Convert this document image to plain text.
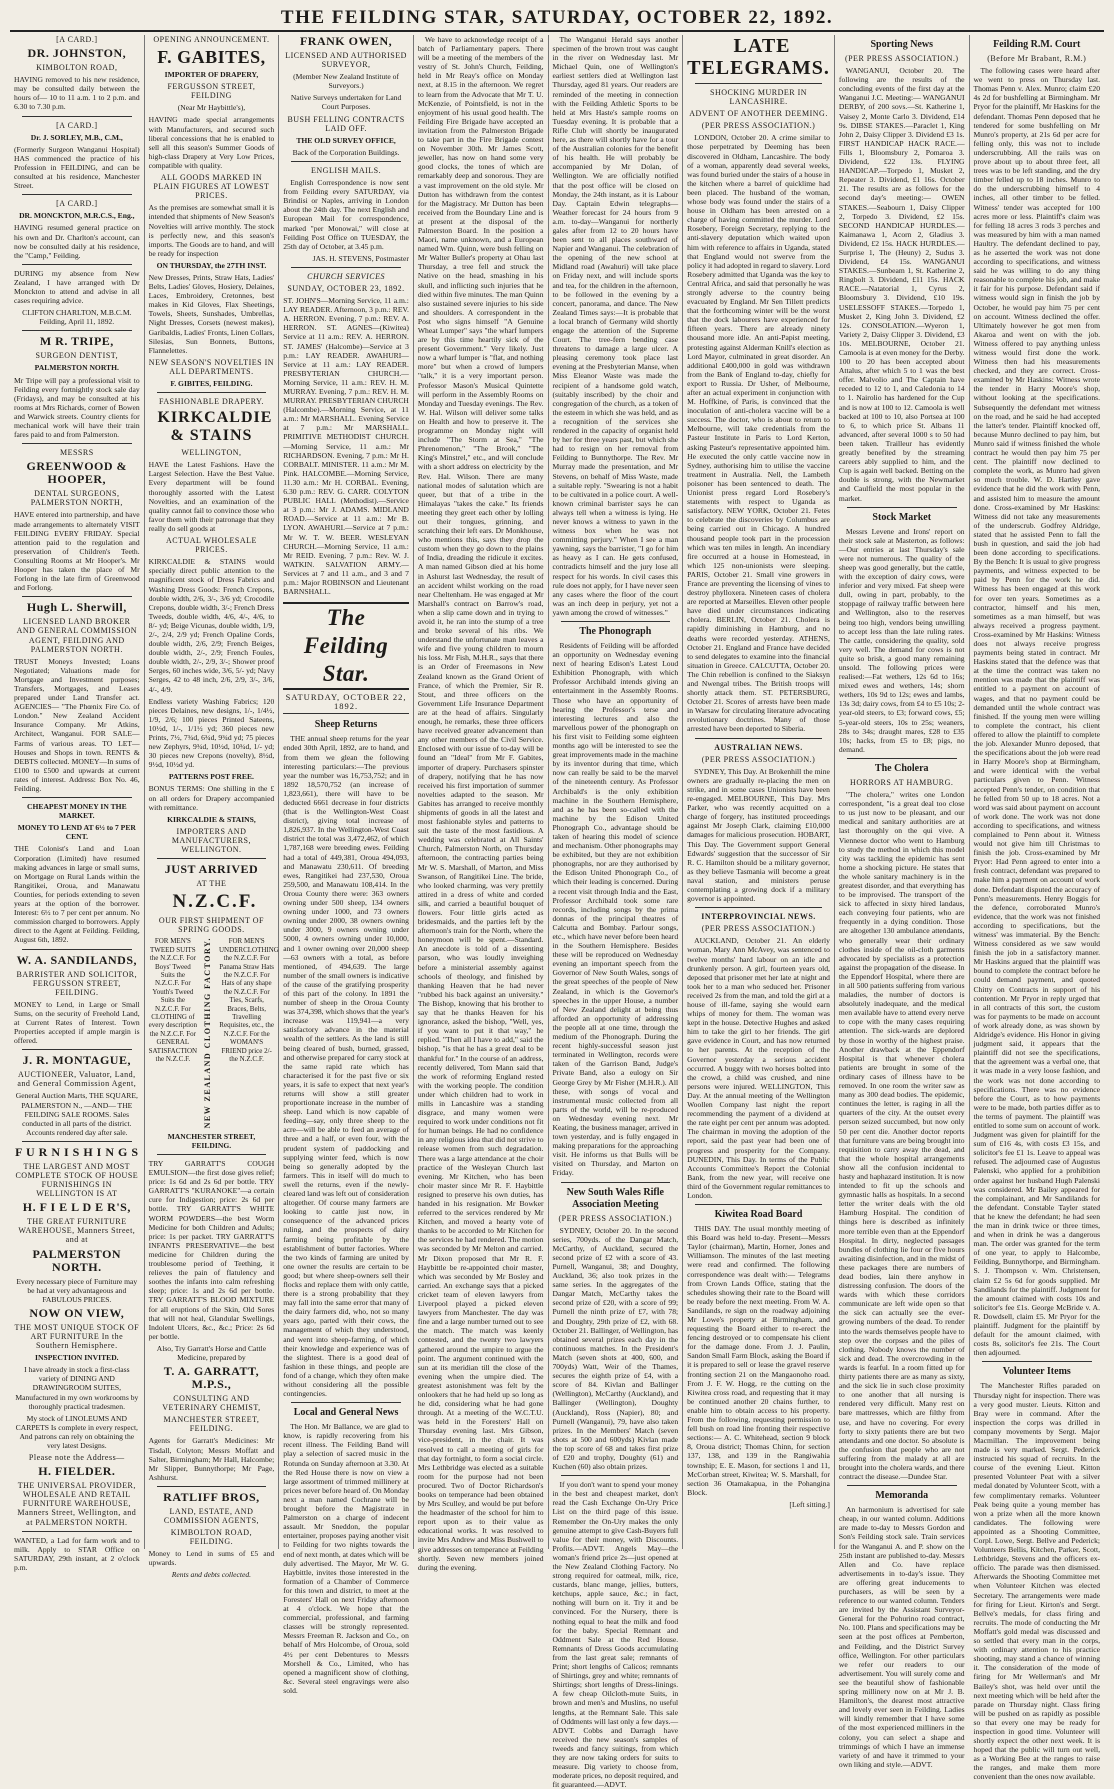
THE FEILDING STAR, SATURDAY, OCTOBER 22, 1892.

[A CARD.]

DR. JOHNSTON,

KIMBOLTON ROAD,

HAVING removed to his new residence, may be consulted daily between the hours of— 10 to 11 a.m. 1 to 2 p.m. and 6.30 to 7.30 p.m.

[A CARD.]

Dr. J. SORLEY, M.B., C.M.,

(Formerly Surgeon Wanganui Hospital) HAS commenced the practice of his Profession in FEILDING, and can be consulted at his residence, Manchester Street.

[A CARD.]

DR. MONCKTON, M.R.C.S., Eng.,

HAVING resumed general practice on his own and Dr. Charlton's account, can now be consulted daily at his residence, the "Camp," Feilding.

DURING my absence from New Zealand, I have arranged with Dr Monckton to attend and advise in all cases requiring advice.

CLIFTON CHARLTON, M.B.C.M. Feilding, April 11, 1892.

M R. TRIPE,

SURGEON DENTIST,

PALMERSTON NORTH.

Mr Tripe will pay a professional visit to Feilding every fortnightly stock sale day (Fridays), and may be consulted at his rooms at Mrs Richards, corner of Bowen and Warwick streets. Country clients for mechanical work will have their train fares paid to and from Palmerston.

MESSRS

GREENWOOD & HOOPER,

DENTAL SURGEONS, PALMERSTON NORTH,

HAVE entered into partnership, and have made arrangements to alternately VISIT FEILDING EVERY FRIDAY. Special attention paid to the regulation and preservation of Children's Teeth. Consulting Rooms at Mr Hooper's. Mr Hooper has taken the place of Mr Forlong in the late firm of Greenwood and Forlong.

Hugh L. Sherwill,

LICENSED LAND BROKER AND GENERAL COMMISSION AGENT, FEILDING AND PALMERSTON NORTH.

TRUST Moneys Invested; Loans Negotiated; Valuations made for Mortgage and Investment purposes; Transfers, Mortgages, and Leases prepared under Land Transfer act. AGENCIES— "The Phœnix Fire Co. of London." New Zealand Accident Insurance Company. Mr Atkins, Architect, Wanganui. FOR SALE—Farms of various areas. TO LET—Houses and Shops in town. RENTS & DEBTS collected. MONEY—In sums of £100 to £500 and upwards at current rates of interest. Address: Box No. 46, Feilding.

CHEAPEST MONEY IN THE MARKET.

MONEY TO LEND AT 6½ to 7 PER CENT.

THE Colonist's Land and Loan Corporation (Limited) have resumed making advances in large or small sums, on Mortgage on Rural Lands within the Rangitikei, Oroua, and Manawatu Counties, for periods extending to seven years at the option of the borrower. Interest: 6½ to 7 per cent per annum. No commission charged to borrowers. Apply direct to the Agent at Feilding. Feilding, August 6th, 1892.

W. A. SANDILANDS,

BARRISTER AND SOLICITOR, FERGUSSON STREET, FEILDING.

MONEY to Lend, in Large or Small Sums, on the security of Freehold Land, at Current Rates of Interest. Town Properties accepted if ample margin is offered.

J. R. MONTAGUE,

AUCTIONEER, Valuator, Land, and General Commission Agent,

General Auction Marts, THE SQUARE, PALMERSTON N., —AND— THE FEILDING SALE ROOMS. Sales conducted in all parts of the district. Accounts rendered day after sale.

F U R N I S H I N G S

THE LARGEST AND MOST COMPLETE STOCK OF HOUSE FURNISHINGS IN WELLINGTON IS AT

H. F I E L D E R'S,

THE GREAT FURNITURE WAREHOUSE, Manners Street, and at

PALMERSTON NORTH.

Every necessary piece of Furniture may be had at very advantageous and FABULOUS PRICES.

NOW ON VIEW,

THE MOST UNIQUE STOCK OF ART FURNITURE In the Southern Hemisphere.

INSPECTION INVITED.

I have already in stock a first-class variety of DINING AND DRAWINGROOM SUITES, Manufactured in my own workrooms by thoroughly practical tradesmen.

My stock of LINOLEUMS AND CARPETS Is complete in every respect, And patrons can rely on obtaining the very latest Designs.

Please note the Address—

H. FIELDER.

THE UNIVERSAL PROVIDER, WHOLESALE AND RETAIL FURNITURE WAREHOUSE, Manners Street, Wellington, and at PALMERSTON NORTH.

WANTED, a Lad for farm work and to milk. Apply to STAR Office on SATURDAY, 29th instant, at 2 o'clock p.m.

OPENING ANNOUNCEMENT.

F. GABITES,

IMPORTER OF DRAPERY,

FERGUSSON STREET, FEILDING

(Near Mr Haybittle's),

HAVING made special arrangements with Manufacturers, and secured such liberal concessions that he is enabled to sell all this season's Summer Goods of high-class Drapery at Very Low Prices, compatible with quality.

ALL GOODS MARKED IN PLAIN FIGURES AT LOWEST PRICES.

As the premises are somewhat small it is intended that shipments of New Season's Novelties will arrive monthly. The stock is perfectly new, and this season's imports. The Goods are to hand, and will be ready for inspection

ON THURSDAY, the 27TH INST.

New Dresses, Prints, Straw Hats, Ladies' Belts, Ladies' Gloves, Hosiery, Delaines, Laces, Embroidery, Cretonnes, best makes in Kid Gloves, Flax Sheetings, Towels, Sheets, Sunshades, Umbrellas, Night Dresses, Corsets (newest makes), Garibaldis, Ladies' Fronts, Linen Collars, Silesias, Sun Bonnets, Buttons, Flannelettes.

NEW SEASON'S NOVELTIES IN ALL DEPARTMENTS.

F. GIBITES, FEILDING.

FASHIONABLE DRAPERY.

KIRKCALDIE & STAINS

WELLINGTON,

HAVE the Latest Fashions. Have the Largest Selection. Have the Best Value. Every department will be found thoroughly assorted with the Latest Novelties, and an examination of the quality cannot fail to convince those who favor them with their patronage that they really do sell goods at

ACTUAL WHOLESALE PRICES.

KIRKCALDIE & STAINS would specially direct public attention to the magnificent stock of Dress Fabrics and Washing Dress Goods: French Crepons, double width, 2/6, 3/-, 3/6 yd; Crocodile Crepons, double width, 3/-; French Dress Tweeds, double width, 4/6, 4/-, 4/6, to 8/- yd; Beige Vicunas, double width, 1/9, 2/-, 2/4, 2/9 yd; French Opaline Cords, double width, 2/6, 2/9; French Beiges, double width, 2/-, 2/9; French Foules, double width, 2/-, 2/9, 3/-; Shower proof Serges, 60 inches wide, 3/6, 5/- yd; Navy Serges, 42 to 48 inch, 2/6, 2/9, 3/-, 3/6, 4/-, 4/9.

Endless variety Washing Fabrics; 120 pieces Delaines, new designs, 1/-, 1/4½, 1/9, 2/6; 100 pieces Printed Sateens, 10½d, 1/-, 1/1½ yd; 360 pieces new Prints, 7½, 7¾d, 6¾d, 9¾d yd; 75 pieces new Zephyrs, 9¾d, 10½d, 10¾d, 1/- yd; 30 pieces new Crepons (novelty), 8½d, 9½d, 10½d yd.

PATTERNS POST FREE.

BONUS TERMS: One shilling in the £ on all orders for Drapery accompanied with remittance.

KIRKCALDIE & STAINS,

IMPORTERS AND MANUFACTURERS, WELLINGTON.

JUST ARRIVED

AT THE

N.Z.C.F.

OUR FIRST SHIPMENT OF SPRING GOODS.

FOR MEN'S TWEED SUITS the N.Z.C.F. For Boys' Tweed Suits the N.Z.C.F. For Youth's Tweed Suits the N.Z.C.F. For CLOTHING of every description the N.Z.C.F. For GENERAL SATISFACTION the N.Z.C.F.	NEW ZEALAND CLOTHING FACTORY.	FOR MEN'S UNDERCLOTHING the N.Z.C.F. For Panama Straw Hats the N.Z.C.F. For Hats of any shape the N.Z.C.F. For Ties, Scarfs, Braces, Belts, Travelling Requisites, etc., the N.Z.C.F. For the WOMAN'S FRIEND price 2/- the N.Z.C.F.

MANCHESTER STREET, FEILDING.

TRY GARRATT'S COUGH EMULSION—the first dose gives relief; price: 1s 6d and 2s 6d per bottle. TRY GARRATT'S "KURANOKE"—a certain cure for Indigestion; price: 2s 6d per bottle. TRY GARRATT'S WHITE WORM POWDERS—the best Worm Medicine for both Children and Adults; price: 1s per packet. TRY GARRATT'S INFANTS PRESERVATIVE—the best medicine for Children during the troublesome period of Teething, it relieves the pain of flatulency and soothes the infants into calm refreshing sleep; price: 1s and 2s 6d per bottle. TRY GARRATT'S BLOOD MIXTURE for all eruptions of the Skin, Old Sores that will not heal, Glandular Swellings, Indolent Ulcers, &c., &c.; Price: 2s 6d per bottle.

Also, Try Garratt's Horse and Cattle Medicine, prepared by

T. A. GARRATT, M.P.S.,

CONSULTING AND VETERINARY CHEMIST,

MANCHESTER STREET, FEILDING.

Agents for Garratt's Medicines: Mr Tisdall, Colyton; Messrs Moffatt and Salter, Birmingham; Mr Hall, Halcombe; Mr Slipper, Bunnythorpe; Mr Page, Ashhurst.

RATLIFF BROS,

LAND, ESTATE, AND COMMISSION AGENTS,

KIMBOLTON ROAD, FEILDING.

Money to Lend in sums of £5 and upwards.

Rents and debts collected.

FRANK OWEN,

LICENSED AND AUTHORISED SURVEYOR,

(Member New Zealand Institute of Surveyors.)

Native Surveys undertaken for Land Court Purposes.

BUSH FELLING CONTRACTS LAID OFF.

THE OLD SURVEY OFFICE,

Back of the Corporation Buildings.

ENGLISH MAILS.

English Correspondence is now sent from Feilding every SATURDAY, via Brindisi or Naples, arriving in London about the 24th day. The next English and European Mail for correspondence, marked "per Monowai," will close at Feilding Post Office on TUESDAY, the 25th day of October, at 3.45 p.m.

JAS. H. STEVENS, Postmaster

CHURCH SERVICES

SUNDAY, OCTOBER 23, 1892.

ST. JOHN'S—Morning Service, 11 a.m.: LAY READER. Afternoon, 3 p.m.: REV. A. HERRON. Evening, 7 p.m.: REV. A. HERRON. ST. AGNES—(Kiwitea) Service at 11 a.m.: REV. A. HERRON. ST. JAMES' (Halcombe)—Service at 3 p.m.: LAY READER. AWAHURI—Service at 11 a.m.: LAY READER. PRESBYTERIAN CHURCH.—Morning Service, 11 a.m.: REV. H. M. MURRAY. Evening, 7 p.m.: REV. H. M. MURRAY. PRESBYTERIAN CHURCH (Halcombe).—Morning Service, at 11 a.m.: Mr MARSHALL. Evening Service at 7 p.m.: Mr MARSHALL. PRIMITIVE METHODIST CHURCH.—Morning Service, 11 a.m.: Mr RICHARDSON. Evening, 7 p.m.: Mr H. CORBALT. MINISTER. 11 a.m.: Mr M. Pink. HALCOMBE.—Morning Service, 11.30 a.m.: Mr H. CORBAL. Evening, 6.30 p.m.: REV. G. CARR. COLYTON PUBLIC HALL (Methodist).—Service at 3 p.m.: Mr J. ADAMS. MIDLAND ROAD.—Service at 11 a.m.: Mr B. LYON. AWAHURI.—Service at 7 p.m.: Mr W. T. W. BEER. WESLEYAN CHURCH.—Morning Service, 11 a.m.: Mr REID. Evening, 7 p.m.: Rev. W. J. WATKIN. SALVATION ARMY.—Services at 7 and 11 a.m., and 3 and 7 p.m.: Major ROBINSON and Lieutenant BARNSHALL.

The Feilding Star.
SATURDAY, OCTOBER 22, 1892.

Sheep Returns

THE annual sheep returns for the year ended 30th April, 1892, are to hand, and from them we glean the following interesting particulars:—The previous year the number was 16,753,752; and in 1892 18,570,752 (an increase of 1,823,661), there will have to be deducted 6661 decrease in four districts (that is the Wellington-West Coast district), giving total increase of 1,826,937. In the Wellington-West Coast district the total was 3,472,462, of which 1,787,168 were breeding ewes. Feilding had a total of 449,381, Oroua 494,093, and Manawatu 230,611. Of breeding ewes, Rangitikei had 237,530, Oroua 259,500, and Manawatu 108,414. In the Oroua County there were: 363 owners owning under 500 sheep, 134 owners owning under 1000, and 73 owners owning under 2000, 38 owners owning under 3000, 9 owners owning under 5000, 4 owners owning under 10,000, and 1 owner owning over 20,000 sheep—63 owners with a total, as before mentioned, of 494,639. The large number of the small owners is indicative of the cause of the gratifying prosperity of this part of the colony. In 1891 the number of sheep in the Oroua County was 374,398, which shows that the year's increase was 119,941—a very satisfactory advance in the material wealth of the settlers. As the land is still being cleared of bush, burned, grassed, and otherwise prepared for carry stock at the same rapid rate which has characterised it for the past five or six years, it is safe to expect that next year's returns will show a still greater proportionate increase in the number of sheep. Land which is now capable of feeding—say, only three sheep to the acre—will be able to feed an average of three and a half, or even four, with the prudent system of paddocking and supplying winter feed, which is now being so generally adopted by the farmers. This in itself will do much to swell the returns, even if the newly-cleared land was left out of consideration altogether. Of course many farmers are looking to cattle just now, in consequence of the advanced prices ruling, and the prospects of dairy farming being profitable by the establishment of butter factories. Where the two kinds of farming are united by one owner the results are certain to be good; but where sheep-owners sell their flocks and replace them with only cattle, there is a strong probability that they may fall into the same error that many of the dairy farmers did, who, not so many years ago, parted with their cows, the management of which they understood, and went into sheep-farming, of which their knowledge and experience was of the slightest. There is a good deal of fashion in these things, and people are fond of a change, which they often make without considering all the possible contingencies.

Local and General News

The Hon. Mr Ballance, we are glad to know, is rapidly recovering from his recent illness. The Feilding Band will play a selection of sacred music in the Rotunda on Sunday afternoon at 3.30. At the Red House there is now on view a large assortment of trimmed millinery at prices never before heard of. On Monday next a man named Cochrane will be brought before the Magistrate in Palmerston on a charge of indecent assault. Mr Sneddon, the popular entertainer, proposes paying another visit to Feilding for two nights towards the end of next month, at dates which will be duly advertised. The Mayor, Mr W. G. Haybittle, invites those interested in the formation of a Chamber of Commerce for this town and district, to meet at the Foresters' Hall on next Friday afternoon at 4 o'clock. We hope that the commercial, professional, and farming classes will be strongly represented. Messrs Freeman R. Jackson and Co., on behalf of Mrs Holcombe, of Oroua, sold 4½ per cent Debentures to Messrs Morshell & Co., Limited, who has opened a magnificent show of clothing, &c. Several steel engravings were also sold.

We have to acknowledge receipt of a batch of Parliamentary papers. There will be a meeting of the members of the vestry of St. John's Church, Feilding, held in Mr Reay's office on Monday next, at 8.15 in the afternoon. We regret to learn from the Advocate that Mr T. U. McKenzie, of Pointsfield, is not in the enjoyment of his usual good health. The Feilding Fire Brigade have accepted an invitation from the Palmerston Brigade to take part in the Fire Brigade contest on November 30th. Mr James Scott, jeweller, has now on hand some very good clocks, the tones of which are remarkably deep and sonorous. They are a vast improvement on the old style. Mr Dutton has withdrawn from the contest for the Magistracy. Mr Dutton has been received from the Boundary Line and is at present at the disposal of the Palmerston Board. In the position a Maori, name unknown, and a European named Wm. Quinn, were bush felling on Mr Walter Buller's property at Ohau last Thursday, a tree fell and struck the Native on the head, smashing in his skull, and inflicting such injuries that he died within five minutes. The man Quinn also sustained severe injuries to his side and shoulders. A correspondent in the Post who signs himself "A Genuine Wheat Lumper" says "the wharf lumpers are by this time heartily sick of the present Government." Very likely. Just now a wharf lumper is "flat, and nothing more" but when a crowd of lumpers "talk," it is a very important person. Professor Mason's Musical Quintette will perform in the Assembly Rooms on Monday and Tuesday evenings. The Rev. W. Hal. Wilson will deliver some talks on Health and how to preserve it. The programme on Monday night will include "The Storm at Sea," "The Phrenomenon," "The Brook," "The King's Minstrel," etc., and will conclude with a short address on electricity by the Rev. Hal. Wilson. There are many national modes of salutation which are queer, but that of a tribe in the Himalayas "takes the cake." Its friends meeting they greet each other by lolling out their tongues, grinning, and scratching their left ears. Dr Monkhouse, who mentions this, says they drop the custom when they go down to the plains of India, dreading the ridicule it excites. A man named Gibson died at his home in Ashurst last Wednesday, the result of an accident whilst working on the road near Cheltenham. He was engaged at Mr Marshall's contract on Barrow's road, when a slip came down and in trying to avoid it, he ran into the stump of a tree and broke several of his ribs. We understand the unfortunate man leaves a wife and five young children to mourn his loss. Mr Fish, M.H.R., says that there is an Order of Freemasons in New Zealand known as the Grand Orient of France, of which the Premier, Sir R. Stout, and three officers on the Government Life Insurance Department are at the head of affairs. Singularly enough, he remarks, these three officers have received greater advancement than any other members of the Civil Service. Enclosed with our issue of to-day will be found an "Ideal" from Mr F. Gabites, importer of drapery. Purchasers spinster of drapery, notifying that he has now received his first importation of summer novelties adapted to the season. Mr Gabites has arranged to receive monthly shipments of goods in all the latest and most fashionable styles and patterns to suit the taste of the most fastidious. A wedding was celebrated at All Saints' Church, Palmerston North, on Thursday afternoon, the contracting parties being Mr W. S. Marshall, of Marton, and Miss Swanson, of Rangitikei Line. The bride, who looked charming, was very prettily attired in a dress of white and corded silk, and carried a beautiful bouquet of flowers. Four little girls acted as bridesmaids, and the parties left by the afternoon's train for the North, where the honeymoon will be spent.—Standard. An anecdote is told of a dissenting parson, who was loudly inveighing before a ministerial assembly against schools of theology, and finished by thanking Heaven that he had never "rubbed his back against an university." The Bishop, knowing that his brother to say that he thanks Heaven for his ignorance, asked the bishop, "Well, yes, if you want to put it that way," he replied. "Then all I have to add," said the bishop, "is that he has a great deal to be thankful for." In the course of an address, recently delivered, Tom Mann said that the work of reforming England rested with the working people. The condition under which children had to work in mills in Lancashire was a standing disgrace, and many women were required to work under conditions not fit for human beings. He had no confidence in any religious idea that did not strive to release women from such degradation. There was a large attendance at the choir practice of the Wesleyan Church last evening. Mr Kitchen, who has been choir master since Mr R. F. Haybittle resigned to preserve his own duties, has handed in his resignation. Mr Bowker referred to the services rendered by Mr Kitchen, and moved a hearty vote of thanks to be accorded to Mr Kitchen for the services he had rendered. The motion was seconded by Mr Melton and carried. Mr Dixon proposed that Mr R. F. Haybittle be re-appointed choir master, which was seconded by Mr Bosley and carried. An exchange says that a picked cricket team of eleven lawyers from Liverpool played a picked eleven lawyers from Manchester. The day was fine and a large number turned out to see the match. The match was keenly contested, and the twenty two lawyers gathered around the umpire to argue the point. The argument continued with the sun at its meridian till the close of the evening when the umpire died. The greatest astonishment was felt by the onlookers that he had held up so long as he did, considering what he had gone through. At a meeting of the W.C.T.U. was held in the Foresters' Hall on Thursday evening last. Mrs Gibson, vice-president, in the chair. It was resolved to call a meeting of girls for that day fortnight, to form a social circle. Mrs Lethbridge was elected as a suitable room for the purpose had not been procured. Two of Doctor Richardson's books on temperance had been obtained by Mrs Sculley, and would be put before the headmaster of the school for him to report upon as to their value as educational works. It was resolved to invite Mrs Andrew and Miss Bushwell to give addresses on temperance at Feilding shortly. Seven new members joined during the evening.

The Wanganui Herald says another specimen of the brown trout was caught in the river on Wednesday last. Mr Michael Quin, one of Wellington's earliest settlers died at Wellington last Thursday, aged 81 years. Our readers are reminded of the meeting in connection with the Feilding Athletic Sports to be held at Mrs Haste's sample rooms on Tuesday evening. It is probable that a Rifle Club will shortly be inaugurated here, as there will shortly have for a tour of the Australian colonies for the benefit of his health. He will probably be accompanied by Mr Dolan, of Wellington. We are officially notified that the post office will be closed on Monday, the 24th instant, as it is Labour Day. Captain Edwin telegraphs—Weather forecast for 24 hours from 9 a.m. to-day—Wanganui for northerly gales after from 12 to 20 hours have been sent to all places southward of Napier and Wanganui. The celebration of the opening of the new school at Midland road (Awahuri) will take place on Friday next, and will include sports and tea, for the children in the afternoon, to be followed in the evening by a concert, panorama, and dance. The New Zealand Times says:—It is probable that a local branch of Germany wild shortly engage the attention of the Supreme Court. The tree-fern bending case threatens to damage a large ulcer. A pleasing ceremony took place last evening at the Presbyterian Manse, when Miss Eleanor Waste was made the recipient of a handsome gold watch, (suitably inscribed) by the choir and congregation of the church, as a token of the esteem in which she was held, and as a recognition of the services she rendered in the capacity of organist held by her for three years past, but which she had to resign on her removal from Feilding to Bunnythorpe. The Rev. Mr Murray made the presentation, and Mr Stevens, on behalf of Miss Waste, made a suitable reply. "Swearing is not a habit to be cultivated in a police court. A well-known criminal barrister says he can always tell when a witness is lying. He never knows a witness to yawn in the witness box when he was not committing perjury." When I see a man yawning, says the barrister, "I go for him as heavy as I can. He gets confused, contradicts himself and the jury lose all respect for his words. In civil cases this rule does not apply, for I have never seen any cases where the floor of the court was an inch deep in perjury, yet not a yawn among the crowd of witnesses."

The Phonograph

Residents of Feilding will be afforded an opportunity on Wednesday evening next of hearing Edison's Latest Loud Exhibition Phonograph, with which Professor Archibald intends giving an entertainment in the Assembly Rooms. Those who have an opportunity of hearing the Professor's terse and interesting lectures and also the marvellous power of the phonograph on his first visit to Feilding some eighteen months ago will be interested to see the great improvements made in the machine by its inventor during that time, which now can really be said to be the marvel of the nineteenth century. As Professor Archibald's is the only exhibition machine in the Southern Hemisphere, and as he has been so-called with the machine by the Edison United Phonograph Co., advantage should be taken of hearing this model of science and mechanism. Other phonographs may be exhibited, but they are not exhibition phonographs, nor are they authorised by the Edison United Phonograph Co., of which their leading is concerned. During a recent visit through India and the East, Professor Archibald took some rare records, including songs by the prima donnas of the principal theatres of Calcutta and Bombay. Parlour songs, etc., which have never before been heard in the Southern Hemisphere. Besides these will be reproduced on Wednesday evening an important speech from the Governor of New South Wales, songs of the great speeches of the people of New Zealand, in which is the Governor's speeches in the upper House, a number of New Zealand delight at being thus afforded an opportunity of addressing the people all at one time, through the medium of the Phonograph. During the recent highly-successful season just terminated in Wellington, records were taken of the Garrison Band, Judge's Private Band, also a eulogy on Sir George Grey by Mr Fisher (M.H.R.). All these, with songs of vocal and instrumental music collected from all parts of the world, will be re-produced on Wednesday evening next. Mr Keating, the business manager, arrived in town yesterday, and is fully engaged in making preparations for the approaching visit. He informs us that Bulls will be visited on Thursday, and Marton on Friday.

New South Wales Rifle Association Meeting

(PER PRESS ASSOCIATION.)

SYDNEY, October 20. In the second series, 700yds. of the Dangar Match, McCarthy, of Auckland, secured the second prize of £2 with a score of 43. Purnell, Wanganui, 38; and Doughty, Auckland, 36; also took prizes in the same series. In the aggregates of the Dangar Match, McCarthy takes the second prize of £20, with a score of 99; Purnell the ninth prize of £7, with 78; and Doughty, 29th prize of £2, with 68. October 21. Ballinger, of Wellington, has obtained several prizes each day in the continuous matches. In the President's Match (seven shots at 400, 600, and 700yds) Watt, Weir of the Thames, secures the eighth prize of £4, with a score of 84. Kivlan and Ballinger (Wellington), McCarthy (Auckland), and Ballinger (Wellington), Doughty (Auckland), Ross (Napier), 80; and Purnell (Wanganui), 79, have also taken prizes. In the Members' Match (seven shots at 500 and 600yds) Kivlan made the top score of 68 and takes first prize of £20 and trophy, Doughty (61) and Kuchen (60) also obtain prizes.

If you don't want to spend your money in the best and cheapest market, don't read the Cash Exchange On-Ury Price List on the third page of this issue. Remember the On-Ury makes the only genuine attempt to give Cash-Buyers full value for their money, with Discounts. Profits.—ADVT. Angels May—the woman's friend price 2s—just opened at the New Zealand Clothing Factory. No strong required for oatmeal, milk, rice, custards, blanc mange, jellies, butters, ketchups, apple sauce, &c.; in fact, nothing will burn on it. Try it and be convinced. For the Nursery, there is nothing equal to heat the milk and food for the baby. Special Remnant and Oddment Sale at the Red House. Remnants of Dress Goods accumulating from the last great sale; remnants of Print; short lengths of Calicos; remnants of Shirtings, grey and white; remnants of Shirtings; short lengths of Dress-linings. A few cheap Oilcloth-mute Suits, in brown and men's and Muslins, no useful lengths, at the Remnant Sale. This sale of Oddments will last only a few days.—ADVT. Cobbs and Darragh have received the new season's samples of tweeds and fancy suitings, from which they are now taking orders for suits to measure. Dig variety to choose from, moderate prices, no deposit required, and fit guaranteed.—ADVT.

LATE TELEGRAMS.

SHOCKING MURDER IN LANCASHIRE.

ADVENT OF ANOTHER DEEMING.

(PER PRESS ASSOCIATION.)

LONDON, October 20. A crime similar to those perpetrated by Deeming has been discovered in Oldham, Lancashire. The body of a woman, apparently dead several weeks, was found buried under the stairs of a house in the kitchen where a barrel of quicklime had been placed. The husband of the woman, whose body was found under the stairs of a house in Oldham has been arrested on a charge of having committed the murder. Lord Rosebery, Foreign Secretary, replying to the anti-slavery deputation which waited upon him with reference to affairs in Uganda, stated that England would not swerve from the policy it had adopted in regard to slavery. Lord Rosebery admitted that Uganda was the key to Central Africa, and said that personally he was strongly adverse to the country being evacuated by England. Mr Sen Tillett predicts that the forthcoming winter will be the worst that the dock labourers have experienced for fifteen years. There are already ninety thousand more idle. An anti-Papist meeting, protesting against Alderman Knill's election as Lord Mayor, culminated in great disorder. An additional £400,000 in gold was withdrawn from the Bank of England to-day, chiefly for export to Russia. Dr Usher, of Melbourne, after an actual experiment in conjunction with M. Hoffkine, of Paris, is convinced that the inoculation of anti-cholera vaccine will be a success. The doctor, who is about to return to Melbourne, will take credentials from the Pasteur Institute in Paris to Lord Kerton, asking Pasteur's representative appointed him. He executed the only cattle vaccine now in Sydney, authorising him to utilise the vaccine treatment in Australia. Nell, the Lambeth poisoner has been sentenced to death. The Unionist press regard Lord Rosebery's statements with respect to Uganda as satisfactory. NEW YORK, October 21. Fetes to celebrate the discoveries by Columbus are being carried out in Chicago. A hundred thousand people took part in the procession which was ten miles in length. An incendiary fire occurred at a house in Homestead, in which 125 non-unionists were sleeping. PARIS, October 21. Small vine growers in France are preventing the licensing of vines to destroy phylloxera. Nineteen cases of cholera are reported at Marseilles. Eleven other people have died under circumstances indicating cholera. BERLIN, October 21. Cholera is rapidly diminishing in Hamburg, and no deaths were recorded yesterday. ATHENS, October 21. England and France have decided to send delegates to examine into the financial situation in Greece. CALCUTTA, October 20. The Chin rebellion is confined to the Siaksyn and Nwengal tribes. The British troops will shortly attack them. ST. PETERSBURG, October 21. Scores of arrests have been made in Warsaw for circulating literature advocating revolutionary doctrines. Many of those arrested have been deported to Siberia.

AUSTRALIAN NEWS.

(PER PRESS ASSOCIATION.)

SYDNEY, This Day. At Brokenhill the mine owners are gradually re-placing the men on strike, and in some cases Unionists have been re-engaged. MELBOURNE, This Day. Mrs Parker, who was recently acquitted on a charge of forgery, has instituted proceedings against Mr Joseph Clark, claiming £10,000 damages for malicious prosecution. HOBART, This Day. The Government support General Edwards' suggestion that the successor of Sir R. C. Hamilton should be a military governor, as they believe Tasmania will become a great naval station, and ministers peruse contemplating a growing dock if a military governor is appointed.

INTERPROVINCIAL NEWS.

(PER PRESS ASSOCIATION.)

AUCKLAND, October 21. An elderly woman, Mary Ann McAvey, was sentenced to twelve months' hard labour on an idle and drunkenly person. A girl, fourteen years old, deposed that prisoner met her late at night and took her to a man who seduced her. Prisoner received 2s from the man, and told the girl at a house of ill-fame, saying she would earn whips of money for them. The woman was kept in the house. Detective Hughes and asked him to take the girl to her friends. The girl gave evidence in Court, and has now returned to her parents. At the reception of the Governor yesterday a serious accident occurred. A buggy with two horses bolted into the crowd, a child was crushed, and nine persons were injured. WELLINGTON, This Day. At the annual meeting of the Wellington Woollen Company last night the report recommending the payment of a dividend at the rate eight per cent per annum was adopted. The chairman in moving the adoption of the report, said the past year had been one of progress and prosperity for the Company. DUNEDIN, This Day. In terms of the Public Accounts Committee's Report the Colonial Bank, from the new year, will receive one third of the Government regular remittances to London.

Kiwitea Road Board

THIS DAY. The usual monthly meeting of this Board was held to-day. Present—Messrs Taylor (chairman), Martin, Horner, Jones and Williamson. The minutes of the last meeting were read and confirmed. The following correspondence was dealt with:— Telegrams from Crown Lands Office, stating that the schedules showing their rate to the Board will be ready before the next meeting. From W. A. Sandilands, re sign on the roadway adjoining Mr Lowe's property at Birmingham, and requesting the Board either to re-erect the fencing destroyed or to compensate his client for the damage done. From J. J. Paulin, Sandon Small Farm Block, asking the Board if it is prepared to sell or lease the gravel reserve fronting section 21 on the Mangaonoho road. From J. F. W. Hogg, re the cutting on the Kiwitea cross road, and requesting that it may be continued another 20 chains further, to enable him to obtain access to his property. From the following, requesting permission to fell bush on road line fronting their respective sections:— A. C. Whitehead, section 9 block 8, Oroua district; Thomas Chinn, for section 137, 138, and 139 in the Rangiwahia township; E. E. Mason, for sections 1 and 11, McCorban street, Kiwitea; W. S. Marshall, for section 36 Otamakapua, in the Pohangina Block.

[Left sitting.]

Sporting News

(PER PRESS ASSOCIATION.)

WANGANUI, October 20. The following are the results of the concluding events of the first day at the Wanganui J.C. Meeting:— WANGANUI DERBY, of 200 sovs.—St. Katherine 1, Vaisey 2, Monte Carlo 3. Dividend, £14 9s. DIBSE STAKES.—Paraclet 1, King John 2, Daisy Clipper 3. Dividend £3 1s. FIRST HANDICAP HACK RACE.—Fills 1, Bloomsbury 2, Pomaroa 3. Dividend, £22 13s. FLYING HANDICAP.—Torpedo 1, Musket 2, Repeater 3. Dividend, £1 16s. October 21. The results are as follows for the second day's meeting:— OWEN STAKES.—Seabourn 1, Daisy Clipper 2, Torpedo 3. Dividend, £2 15s. SECOND HANDICAP HURDLES.—Kaimanawa 1, Acorn 2, Gladius 3. Dividend, £2 15s. HACK HURDLES.—Surprise 1, The (Heuny) 2, Sudus 3. Dividend, £4 15s. WANGANUI STAKES.—Sunbeam 1, St. Katherine 2, Ringbolt 3. Dividend, £11 15s. HACK RACE.—Natatorial 1, Cyrus 2, Bloomsbury 3. Dividend, £10 19s. USELESSOFF STAKES.—Torpedo 1, Musket 2, King John 3. Dividend, £2 12s. CONSOLATION.—Wyeron 1, Variety 2, Daisy Clipper 3. Dividend, £3 10s. MELBOURNE, October 21. Camoola is at even money for the Derby. 100 to 20 has been accepted about Attalus, after which 5 to 1 was the best offer. Malvolio and The Captain have receded to 12 to 1, and Caledonia to 14 to 1. Nairolio has hardened for the Cup and is now at 100 to 12. Camoola is well backed at 100 to 10, also Portsea at 100 to 6, to which price St. Albans 11 advanced, after several 1000 s to 50 had been taken. Trailleur has evidently greatly benefited by the streaming careers ably supplied to him, and the Cup is again well backed. Betting on the double is strong, with the Newmarket and Caulfield the most popular in the market.

Stock Market

Messrs Levene and Irons' report on their stock sale at Masterton, as follows:—Our entries at last Thursday's sale were not numerous. The quality of the sheep was good generally, but the cattle, with the exception of dairy cows, were inferior and very mixed. Fat sheep were dull, owing in part, probably, to the stoppage of railway traffic between here and Wellington, also to the reserves being too high, vendors being unwilling to accept less than the late ruling rates. The cattle, considering the quality, sold very well. The demand for cows is not quite so brisk, a good many remaining unsold. The following prices were realised:—Fat wethers, 12s 6d to 16s; mixed ewes and wethers, 14s; shorn wethers, 10s 9d to 12s; ewes and lambs, 13s 3d; dairy cows, from £4 to £5 10s; 2-year-old steers, to £3; forward cows, £5; 5-year-old steers, 10s to 25s; weaners, 28s to 34s; draught mares, £28 to £35 10s; hacks, from £5 to £8; pigs, no demand.

The Cholera

HORRORS AT HAMBURG.

"The cholera," writes one London correspondent, "is a great deal too close to us just now to be pleasant, and our medical and sanitary authorities are at last thoroughly on the qui vive. A Viennese doctor who went to Hamburg to study the method in which this model city was tackling the epidemic has sent home a shocking picture. He states that the whole sanitary machinery is in the greatest disorder, and that everything has to be improvised. The transport of the sick to affected in sixty hired landaus, each conveying four patients, who are frequently in a dying condition. Those are altogether 130 ambulance attendants, who generally wear their ordinary clothes inside of the oil-cloth garments advocated by specialists as a protection against the propagation of the disease. In the Eppendorf Hospital, where there are in all 500 patients suffering from various maladies, the number of doctors is absolutely inadequate, and the medical men available have to attend every nerve to cope with the many cases requiring attention. The sick-wards are deplored by those in worthy of the highest praise. Another drawback at the Eppendorf Hospital is that whenever cholera patients are brought in some of the ordinary cases of illness have to be removed. In one room the writer saw as many as 300 dead bodies. The epidemic, continues the letter, is raging in all the quarters of the city. At the outset every person seized succumbed, but now only 50 per cent die. Another doctor reports that furniture vans are being brought into requisition to carry away the dead, and that the whole hospital arrangements show all the confusion incidental to hasty and haphazard institution. It is now intended to fit up the schools and gymnastic halls as hospitals. In a second letter the writer deals with the old Hamburg Hospital. The condition of things here is described as infinitely more terrible even than at the Eppendorf Hospital. In dirty, neglected passages bundles of clothing lie four or five hours awaiting disinfection, and in the midst of these packages there are numbers of dead bodies, lain there anyhow in distressing confusion. The doors of the wards with which these corridors communicate are left wide open so that the sick can actually see the ever-growing numbers of the dead. To render into the wards themselves people have to step over the corpses and the piles of clothing. Nobody knows the number of sick and dead. The overcrowding in the wards is fearful. In a room fitted up for thirty patients there are as many as sixty, and the sick lie in such close proximity to one another that all nursing is rendered very difficult. Many rest on bare mattresses, which are filthy from use, and have no covering. For every forty to sixty patients there are but two attendants and one doctor. So absolute is the confusion that people who are not suffering from the malady at all are brought into the cholera wards, and there contract the disease.—Dundee Star.

Memoranda

An harmonium is advertised for sale cheap, in our wanted column. Additions are made to-day to Messrs Gordon and Son's Feilding stock sale. Train services for the Wanganui A. and P. show on the 25th instant are published to-day. Messrs Allen and Co. have replace advertisements in to-day's issue. They are offering great inducements to purchasers, as will be seen by a reference to our wanted column. Tenders are invited by the Assistant Surveyor-General for the Pohurino road contract, No. 100. Plans and specifications may be seen at the post offices at Pemberton, and Feilding, and the District Survey office, Wellington. For other particulars we refer our readers to our advertisement. You will surely come and see the beautiful show of fashionable spring millinery now on at Mr J. B. Hamilton's, the dearest most attractive and lovely ever seen in Feilding. Ladies will kindly remember that I have some of the most experienced milliners in the colony, you can select a shape and trimmings of which I have an immense variety of and have it trimmed to your own liking and style.—ADVT.

Feilding R.M. Court

(Before Mr Brabant, R.M.)

The following cases were heard after we went to press on Thursday last. Thomas Penn v. Alex. Munro; claim £20 4s 2d for bushfelling at Birmingham. Mr Pryor for the plaintiff, Mr Haskins for the defendant. Thomas Penn deposed that he tendered for some bushfelling on Mr Munro's property, at 21s 6d per acre for felling only, this was not to include underscrubbing. All the rails was on prove about up to about three feet, all trees was to be left standing, and the dry timber felled up to 18 inches. Munro to do the underscrubbing himself to 4 inches, all other timber to be felled. Witness' tender was accepted for 100 acres more or less. Plaintiff's claim was for felling 18 acres 3 rods 3 perches and was measured by him with a man named Haultry. The defendant declined to pay, as he asserted the work was not done according to specifications, and witness said he was willing to do any thing reasonable to complete his job, and make it fair for his purpose. Defendant said if witness would sign in finish the job by October, he would pay him 75 per cent on account. Witness declined the offer. Ultimately however he got men from Akaroa and went on with the job. Witness offered to pay anything unless witness would first done the work. Witness then had his measurements checked, and they are correct. Cross-examined by Mr Haskins: Witness wrote the tender in Harry Moore's shop, without looking at the specifications. Subsequently the defendant met witness on the road, and he said he had accepted the latter's tender. Plaintiff knocked off, because Munro declined to pay him, but Munro said if witness finished the whole contract he would then pay him 75 per cent. The plaintiff now declined to complete the work, as Munro had given so much trouble. W. D. Hartley gave evidence that he did the work with Penn, and assisted him to measure the amount done. Cross-examined by Mr Haskins: Witness did not take any measurements of the underscrub. Godfrey Aldridge, stated that he assisted Penn to fall the bush in question, and said the job had been done according to specifications. By the Bench: It is usual to give progress payments, and witness expected to be paid by Penn for the work he did. Witness has been engaged at this work for over ten years. Sometimes as a contractor, himself and his men, sometimes as a man himself, but was always received a progress payment. Cross-examined by Mr Haskins: Witness does not always receive progress payments being stated in contract. Mr Haskins stated that the defence was that at the time the contract was taken no mention was made that the plaintiff was entitled to a payment on account of wages, and that no payment could be demanded until the whole contract was finished. If the young men were willing to complete the contract, his client offered to allow the plaintiff to complete the job. Alexander Munro deposed, that the specifications about the job were read in Harry Moore's shop at Birmingham, and were identical with the verbal particulars given to Penn. Witness accepted Penn's tender, on condition that he felled from 50 up to 18 acres. Not a word was said about payment on account of work done. The work was not done according to specifications, and witness complained to Penn about it. Witness would not give him till Christmas to finish the job. Cross-examined by Mr Pryor: Had Penn agreed to enter into a fresh contract, defendant was prepared to make him a payment on account of work done. Defendant disputed the accuracy of Penn's measurements. Henry Boggis for the defence, corroborated Munro's evidence, that the work was not finished according to specifications, but the witness' was immaterial. By the Bench: Witness considered as we saw would finish the job in a satisfactory manner. Mr Haskins argued that the plaintiff was bound to complete the contract before he could demand payment, and quoted Chitty on Contracts in support of his contention. Mr Pryor in reply urged that in all contracts of this sort, the custom was for payments to be made on account of work already done, as was shown by Aldridge's evidence. His Honor in giving judgment said, it appears that the plaintiff did not see the specifications, that the agreement was a verbal one, that it was made in a very loose fashion, and the work was not done according to specifications. There was no evidence before the Court, as to how payments were to be made, both parties differ as to the terms of payment. The plaintiff was entitled to some sum on account of work. Judgment was given for plaintiff for the sum of £16 4s, with costs £3 15s, and solicitor's fee £1 1s. Leave to appeal was refused. The adjourned case of Augustus Palenski, who applied for a prohibition order against her husband Hugh Palenski was considered. Mr Bailey appeared for the complainant, and Mr Sandilands for the defendant. Constable Tayler stated that he knew the defendant; he had seen the man in drink twice or three times, and when in drink he was a dangerous man. The order was granted for the term of one year, to apply to Halcombe, Feilding, Bunnythorpe, and Birmingham. S. J. Thompson v. Wm. Christensen, claim £2 5s 6d for goods supplied. Mr Sandilands for the plaintiff. Judgment for the amount claimed with costs 10s and solicitor's fee £1s. George McBride v. A. R. Dowdsell, claim £5. Mr Pryor for the plaintiff. Judgment for the plaintiff by default for the amount claimed, with costs 8s, solicitor's fee 21s. The Court then adjourned.

Volunteer Items

The Manchester Rifles paraded on Thursday night for inspection. There was a very good muster. Lieuts. Kitton and Bray were in command. After the inspection the corps was drilled in company movements by Sergt. Major Macmillan. The improvement being made is very marked. Sergt. Pederick instructed his squad of recruits. In the course of the evening Lieut. Kitton presented Volunteer Peat with a silver medal donated by Volunteer Scott, with a few complimentary remarks. Volunteer Peak being quite a young member has won a prize when all the more known candidates. The following were appointed as a Shooting Committee, Corpl. Lowe, Sergt. Bellve and Pederick; Volunteers Bellis, Kitchen, Parker, Scott, Lethbridge, Stevens and the officers ex-officio. The parade was then dismissed. Afterwards the Shooting Committee met when Volunteer Kitchen was elected Secretary. The arrangements were made for firing for Lieut. Kirton's and Sergt. Bellve's medals, for class firing and recruits. The mode of conducting the Mr Moffatt's gold medal was discussed and so settled that every man in the corps, with ordinary attention to his practice shooting, may stand a chance of winning it. The consideration of the mode of firing for Mr Wellerman's and Mr Bailey's shot, was held over until the next meeting which will be held after the parade on Thursday night. Class firing will be pushed on as rapidly as possible so that every one may be ready for inspection in good time. Volunteer will shortly expect the other next week. It is hoped that the public will turn out well, as a Working Bee at the ranges to raise the ranges, and make them more convenient than the ones now available.
